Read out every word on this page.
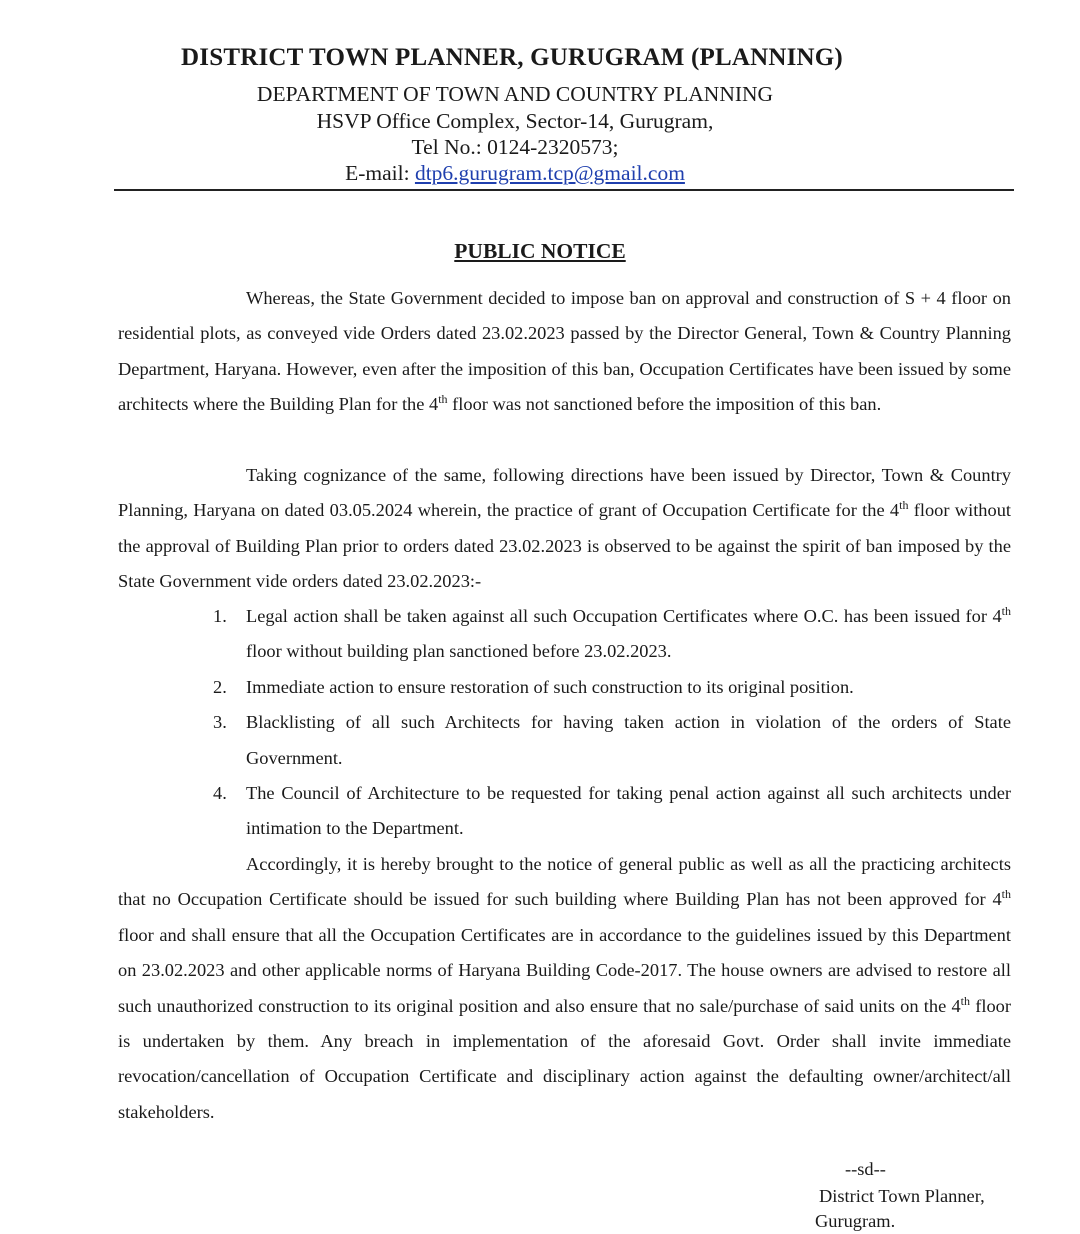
DISTRICT TOWN PLANNER, GURUGRAM (PLANNING)
DEPARTMENT OF TOWN AND COUNTRY PLANNING
HSVP Office Complex, Sector-14, Gurugram,
Tel No.: 0124-2320573;
E-mail: dtp6.gurugram.tcp@gmail.com
PUBLIC NOTICE

Whereas, the State Government decided to impose ban on approval and construction of S + 4 floor on residential plots, as conveyed vide Orders dated 23.02.2023 passed by the Director General, Town & Country Planning Department, Haryana. However, even after the imposition of this ban, Occupation Certificates have been issued by some architects where the Building Plan for the 4th floor was not sanctioned before the imposition of this ban.

Taking cognizance of the same, following directions have been issued by Director, Town & Country Planning, Haryana on dated 03.05.2024 wherein, the practice of grant of Occupation Certificate for the 4th floor without the approval of Building Plan prior to orders dated 23.02.2023 is observed to be against the spirit of ban imposed by the State Government vide orders dated 23.02.2023:-

1. Legal action shall be taken against all such Occupation Certificates where O.C. has been issued for 4th floor without building plan sanctioned before 23.02.2023.
2. Immediate action to ensure restoration of such construction to its original position.
3. Blacklisting of all such Architects for having taken action in violation of the orders of State Government.
4. The Council of Architecture to be requested for taking penal action against all such architects under intimation to the Department.

Accordingly, it is hereby brought to the notice of general public as well as all the practicing architects that no Occupation Certificate should be issued for such building where Building Plan has not been approved for 4th floor and shall ensure that all the Occupation Certificates are in accordance to the guidelines issued by this Department on 23.02.2023 and other applicable norms of Haryana Building Code-2017. The house owners are advised to restore all such unauthorized construction to its original position and also ensure that no sale/purchase of said units on the 4th floor is undertaken by them. Any breach in implementation of the aforesaid Govt. Order shall invite immediate revocation/cancellation of Occupation Certificate and disciplinary action against the defaulting owner/architect/all stakeholders.

--sd--
District Town Planner,
Gurugram.
